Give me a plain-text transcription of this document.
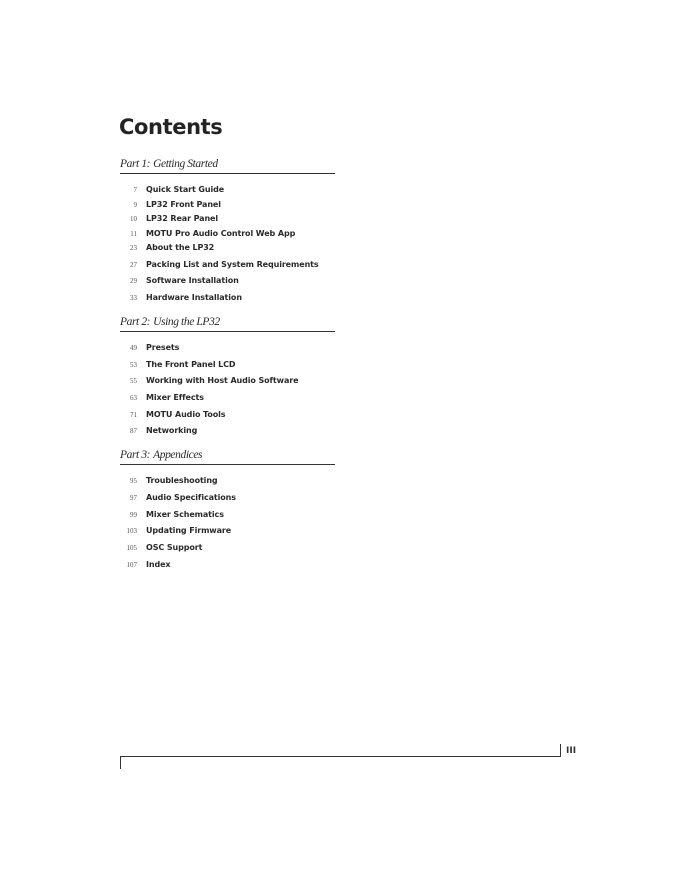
Contents
Part 1: Getting Started
7 Quick Start Guide
9 LP32 Front Panel
10 LP32 Rear Panel
11 MOTU Pro Audio Control Web App
23 About the LP32
27 Packing List and System Requirements
29 Software Installation
33 Hardware Installation
Part 2: Using the LP32
49 Presets
53 The Front Panel LCD
55 Working with Host Audio Software
63 Mixer Effects
71 MOTU Audio Tools
87 Networking
Part 3: Appendices
95 Troubleshooting
97 Audio Specifications
99 Mixer Schematics
103 Updating Firmware
105 OSC Support
107 Index
III
